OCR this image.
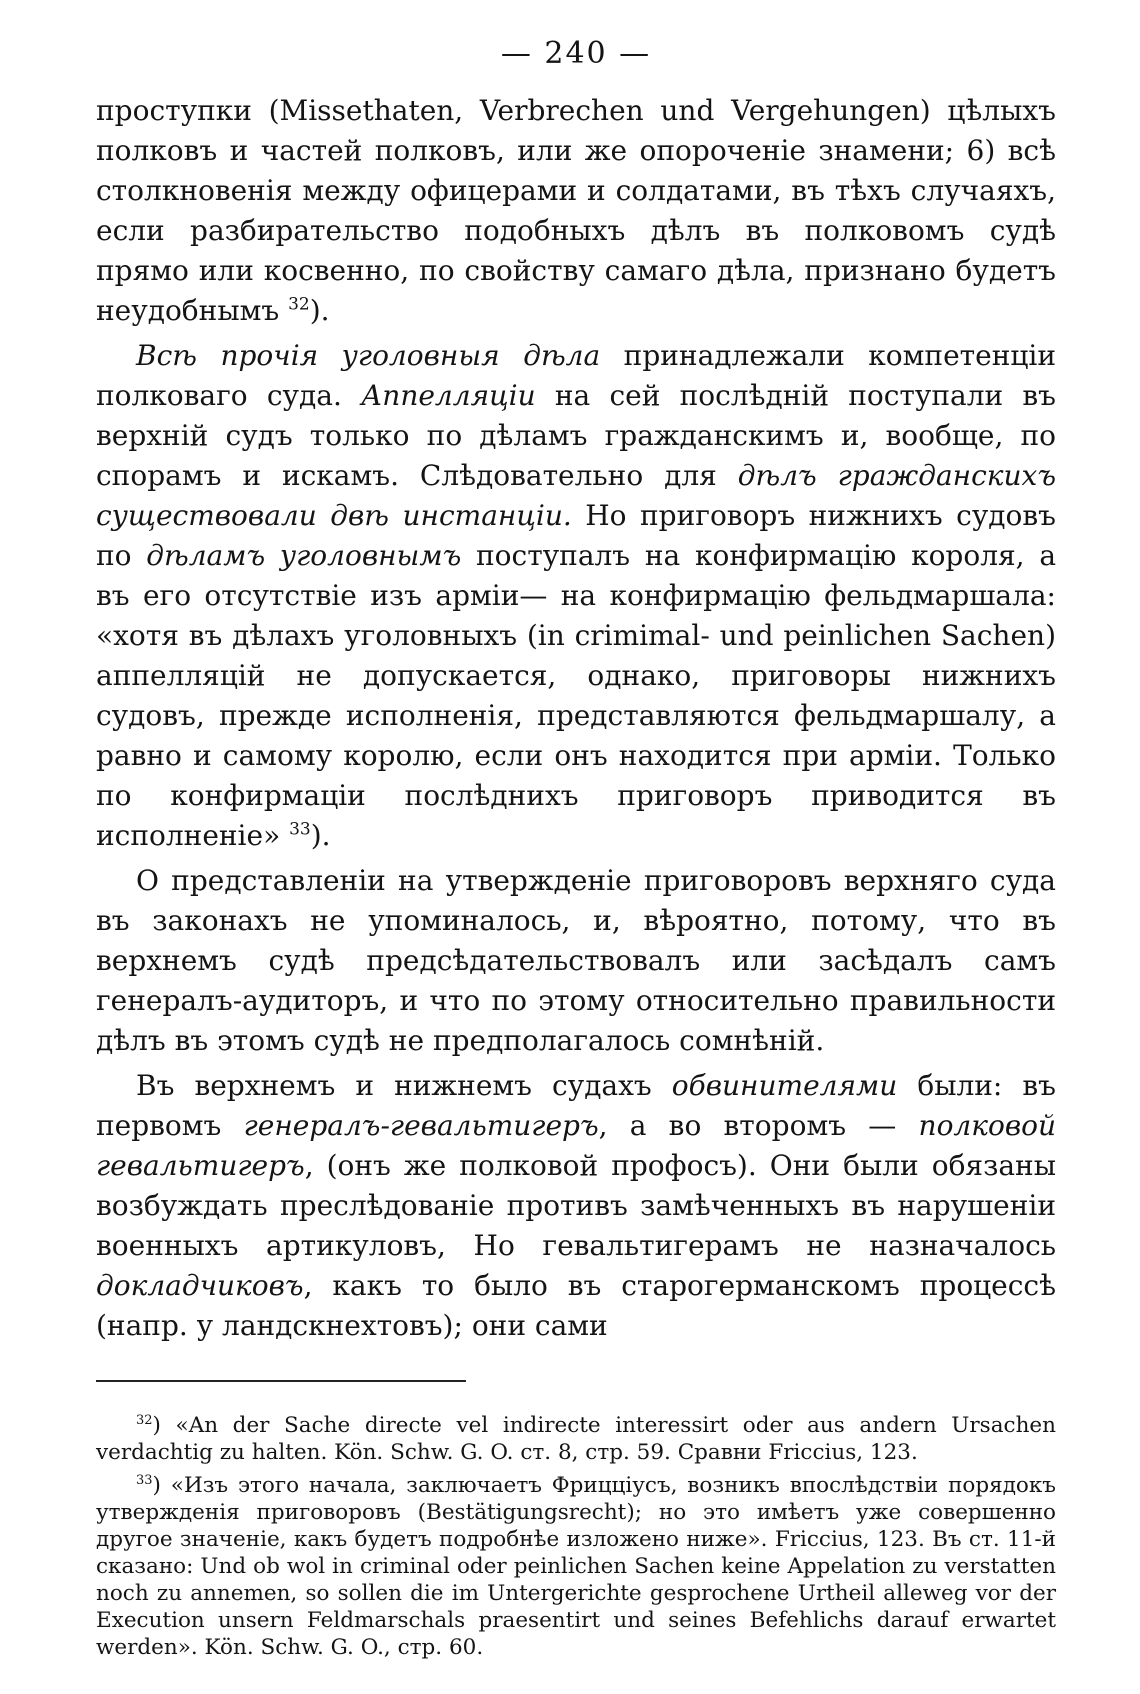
— 240 —

проступки (Missethaten, Verbrechen und Vergehungen) цѣлыхъ полковъ и частей полковъ, или же опороченіе знамени; 6) всѣ столкновенія между офицерами и солдатами, въ тѣхъ случаяхъ, если разбирательство подобныхъ дѣлъ въ полковомъ судѣ прямо или косвенно, по свойству самаго дѣла, признано будетъ неудобнымъ $^{32}$).

Всѣ прочія уголовныя дѣла принадлежали компетенціи полковаго суда. Аппелляціи на сей послѣдній поступали въ верхній судъ только по дѣламъ гражданскимъ и, вообще, по спорамъ и искамъ. Слѣдовательно для дѣлъ гражданскихъ существовали двѣ инстанціи. Но приговоръ нижнихъ судовъ по дѣламъ уголовнымъ поступалъ на конфирмацію короля, а въ его отсутствіе изъ арміи— на конфирмацію фельдмаршала: «хотя въ дѣлахъ уголовныхъ (in crimimal- und peinlichen Sachen) аппелляцій не допускается, однако, приговоры нижнихъ судовъ, прежде исполненія, представляются фельдмаршалу, а равно и самому королю, если онъ находится при арміи. Только по конфирмаціи послѣднихъ приговоръ приводится въ исполненіе» $^{33}$).

О представленіи на утвержденіе приговоровъ верхняго суда въ законахъ не упоминалось, и, вѣроятно, потому, что въ верхнемъ судѣ предсѣдательствовалъ или засѣдалъ самъ генералъ-аудиторъ, и что по этому относительно правильности дѣлъ въ этомъ судѣ не предполагалось сомнѣній.

Въ верхнемъ и нижнемъ судахъ обвинителями были: въ первомъ генералъ-гевальтигеръ, а во второмъ — полковой гевальтигеръ, (онъ же полковой профосъ). Они были обязаны возбуждать преслѣдованіе противъ замѣченныхъ въ нарушеніи военныхъ артикуловъ, Но гевальтигерамъ не назначалось докладчиковъ, какъ то было въ старогерманскомъ процессѣ (напр. у ландскнехтовъ); они сами

$^{32}$) «An der Sache directe vel indirecte interessirt oder aus andern Ursachen verdachtig zu halten. Kön. Schw. G. O. ст. 8, стр. 59. Сравни Friccius, 123.

$^{33}$) «Изъ этого начала, заключаетъ Фрицціусъ, возникъ впослѣдствіи порядокъ утвержденія приговоровъ (Bestätigungsrecht); но это имѣетъ уже совершенно другое значеніе, какъ будетъ подробнѣе изложено ниже». Friccius, 123. Въ ст. 11-й сказано: Und ob wol in criminal oder peinlichen Sachen keine Appelation zu verstatten noch zu annemen, so sollen die im Untergerichte gesprochene Urtheil alleweg vor der Execution unsern Feldmarschals praesentirt und seines Befehlichs darauf erwartet werden». Kön. Schw. G. O., стр. 60.
